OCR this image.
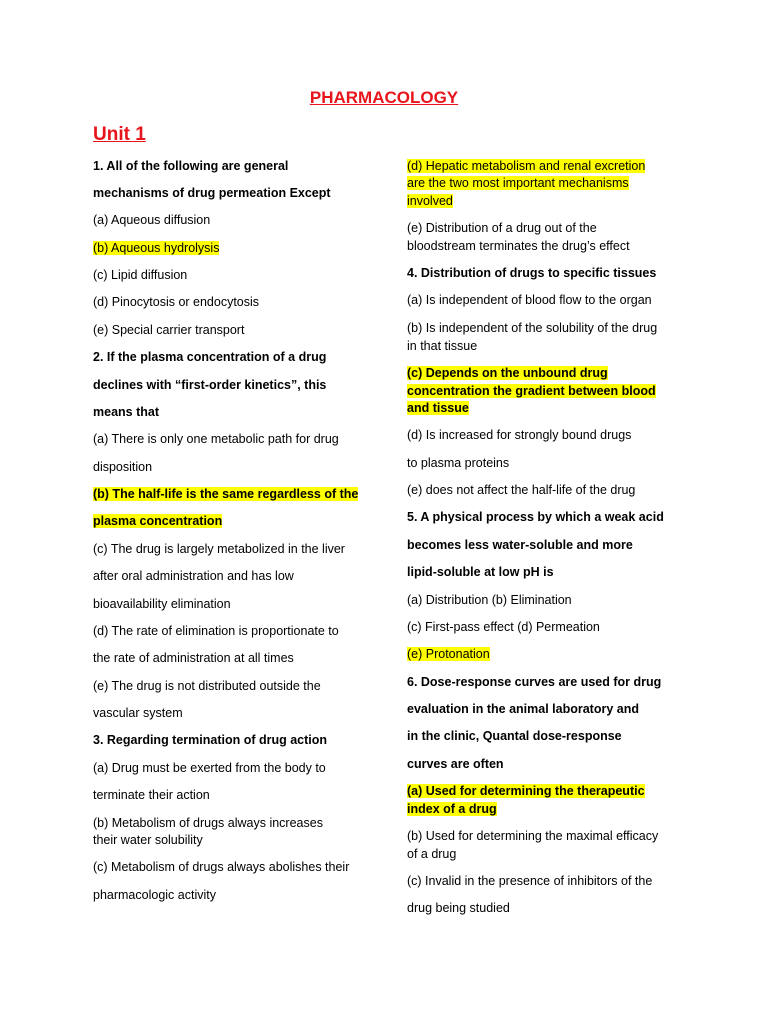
PHARMACOLOGY
Unit 1
1. All of the following are general
mechanisms of drug permeation Except
(a) Aqueous diffusion
(b) Aqueous hydrolysis
(c) Lipid diffusion
(d) Pinocytosis or endocytosis
(e) Special carrier transport
2. If the plasma concentration of a drug
declines with “first-order kinetics”, this
means that
(a) There is only one metabolic path for drug
disposition
(b) The half-life is the same regardless of the
plasma concentration
(c) The drug is largely metabolized in the liver
after oral administration and has low
bioavailability elimination
(d) The rate of elimination is proportionate to
the rate of administration at all times
(e) The drug is not distributed outside the
vascular system
3. Regarding termination of drug action
(a) Drug must be exerted from the body to
terminate their action
(b) Metabolism of drugs always increases
their water solubility
(c) Metabolism of drugs always abolishes their
pharmacologic activity
(d) Hepatic metabolism and renal excretion
are the two most important mechanisms
involved
(e) Distribution of a drug out of the
bloodstream terminates the drug’s effect
4. Distribution of drugs to specific tissues
(a) Is independent of blood flow to the organ
(b) Is independent of the solubility of the drug
in that tissue
(c) Depends on the unbound drug
concentration the gradient between blood
and tissue
(d) Is increased for strongly bound drugs
to plasma proteins
(e) does not affect the half-life of the drug
5. A physical process by which a weak acid
becomes less water-soluble and more
lipid-soluble at low pH is
(a) Distribution (b) Elimination
(c) First-pass effect (d) Permeation
(e) Protonation
6. Dose-response curves are used for drug
evaluation in the animal laboratory and
in the clinic, Quantal dose-response
curves are often
(a) Used for determining the therapeutic
index of a drug
(b) Used for determining the maximal efficacy
of a drug
(c) Invalid in the presence of inhibitors of the
drug being studied
